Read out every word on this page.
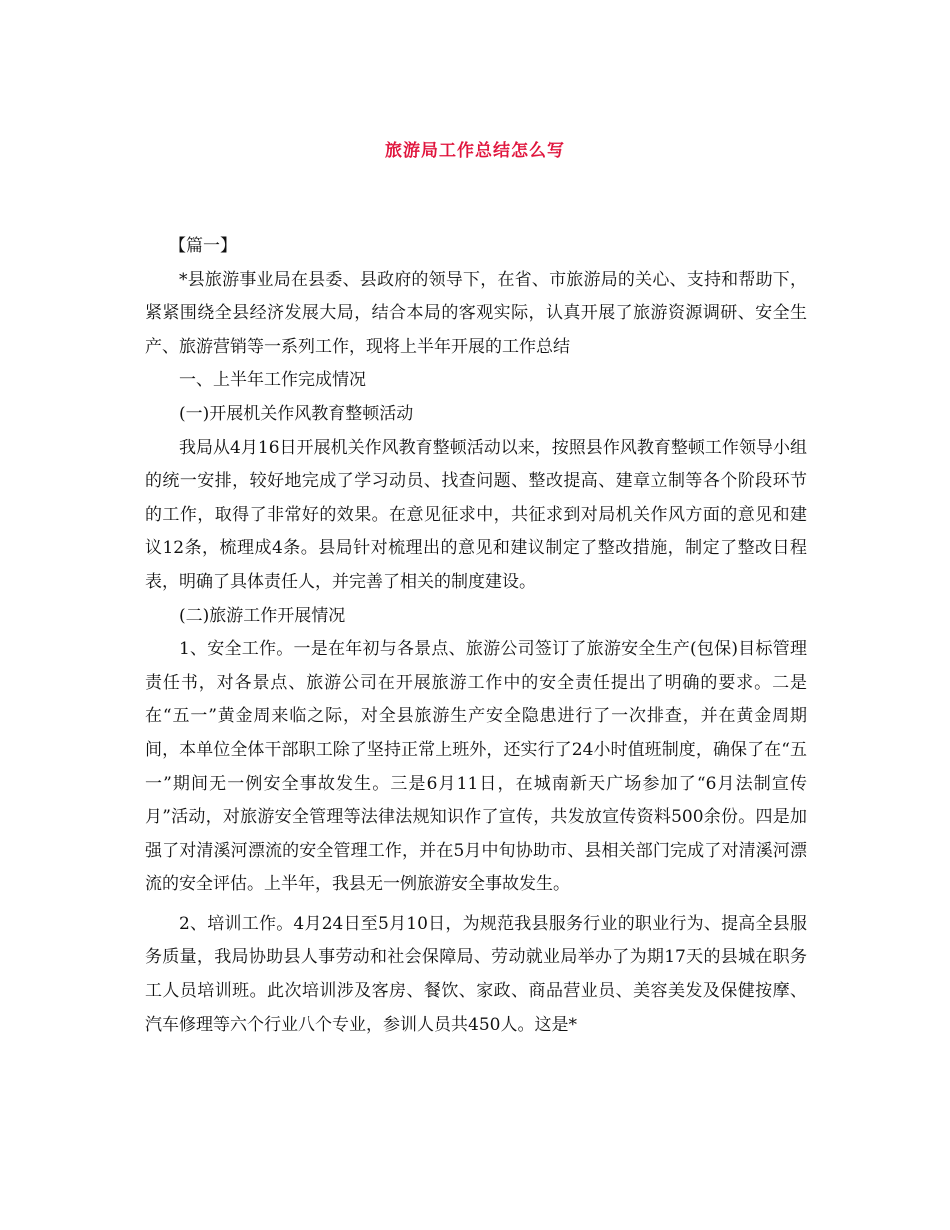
旅游局工作总结怎么写

【篇一】

*县旅游事业局在县委、县政府的领导下，在省、市旅游局的关心、支持和帮助下，紧紧围绕全县经济发展大局，结合本局的客观实际，认真开展了旅游资源调研、安全生产、旅游营销等一系列工作，现将上半年开展的工作总结

一、上半年工作完成情况

(一)开展机关作风教育整顿活动

我局从4月16日开展机关作风教育整顿活动以来，按照县作风教育整顿工作领导小组的统一安排，较好地完成了学习动员、找查问题、整改提高、建章立制等各个阶段环节的工作，取得了非常好的效果。在意见征求中，共征求到对局机关作风方面的意见和建议12条，梳理成4条。县局针对梳理出的意见和建议制定了整改措施，制定了整改日程表，明确了具体责任人，并完善了相关的制度建设。

(二)旅游工作开展情况

1、安全工作。一是在年初与各景点、旅游公司签订了旅游安全生产(包保)目标管理责任书，对各景点、旅游公司在开展旅游工作中的安全责任提出了明确的要求。二是在“五一”黄金周来临之际，对全县旅游生产安全隐患进行了一次排查，并在黄金周期间，本单位全体干部职工除了坚持正常上班外，还实行了24小时值班制度，确保了在“五一”期间无一例安全事故发生。三是6月11日，在城南新天广场参加了“6月法制宣传月”活动，对旅游安全管理等法律法规知识作了宣传，共发放宣传资料500余份。四是加强了对清溪河漂流的安全管理工作，并在5月中旬协助市、县相关部门完成了对清溪河漂流的安全评估。上半年，我县无一例旅游安全事故发生。

2、培训工作。4月24日至5月10日，为规范我县服务行业的职业行为、提高全县服务质量，我局协助县人事劳动和社会保障局、劳动就业局举办了为期17天的县城在职务工人员培训班。此次培训涉及客房、餐饮、家政、商品营业员、美容美发及保健按摩、汽车修理等六个行业八个专业，参训人员共450人。这是*
